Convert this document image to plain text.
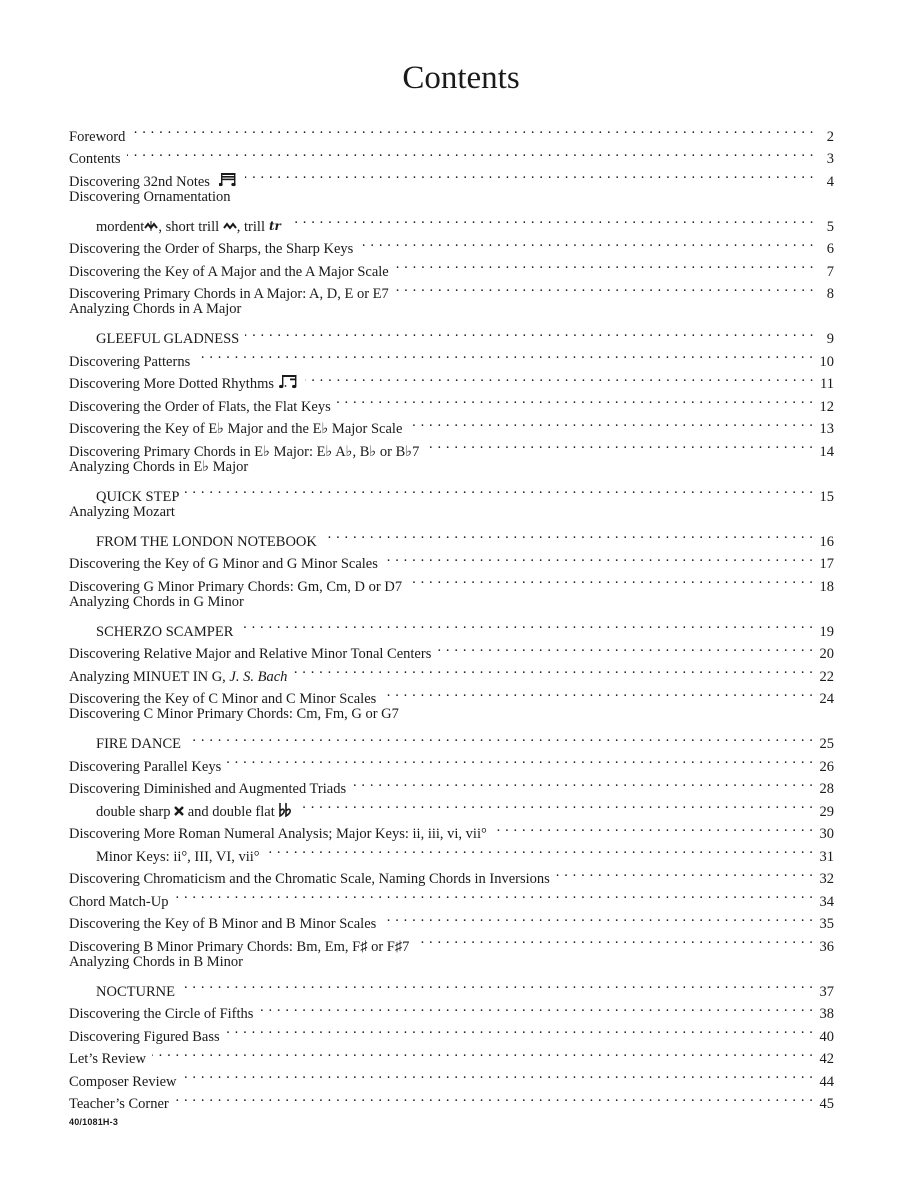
Contents
Foreword . . .	2
Contents . . .	3
Discovering 32nd Notes . . .	4
Discovering Ornamentation
mordent , short trill , trill tr . . .	5
Discovering the Order of Sharps, the Sharp Keys . . .	6
Discovering the Key of A Major and the A Major Scale . . .	7
Discovering Primary Chords in A Major: A, D, E or E7 . . .	8
Analyzing Chords in A Major
GLEEFUL GLADNESS . . .	9
Discovering Patterns . . .	10
Discovering More Dotted Rhythms . . .	11
Discovering the Order of Flats, the Flat Keys . . .	12
Discovering the Key of E♭ Major and the E♭ Major Scale . . .	13
Discovering Primary Chords in E♭ Major: E♭ A♭, B♭ or B♭7 . . .	14
Analyzing Chords in E♭ Major
QUICK STEP . . .	15
Analyzing Mozart
FROM THE LONDON NOTEBOOK . . .	16
Discovering the Key of G Minor and G Minor Scales . . .	17
Discovering G Minor Primary Chords: Gm, Cm, D or D7 . . .	18
Analyzing Chords in G Minor
SCHERZO SCAMPER . . .	19
Discovering Relative Major and Relative Minor Tonal Centers . . .	20
Analyzing MINUET IN G, J. S. Bach . . .	22
Discovering the Key of C Minor and C Minor Scales . . .	24
Discovering C Minor Primary Chords: Cm, Fm, G or G7
FIRE DANCE . . .	25
Discovering Parallel Keys . . .	26
Discovering Diminished and Augmented Triads . . .	28
double sharp and double flat . . .	29
Discovering More Roman Numeral Analysis; Major Keys: ii, iii, vi, vii° . . .	30
Minor Keys: ii°, III, VI, vii° . . .	31
Discovering Chromaticism and the Chromatic Scale, Naming Chords in Inversions . . .	32
Chord Match-Up . . .	34
Discovering the Key of B Minor and B Minor Scales . . .	35
Discovering B Minor Primary Chords: Bm, Em, F♯ or F♯7 . . .	36
Analyzing Chords in B Minor
NOCTURNE . . .	37
Discovering the Circle of Fifths . . .	38
Discovering Figured Bass . . .	40
Let’s Review . . .	42
Composer Review . . .	44
Teacher’s Corner . . .	45
40/1081H-3
